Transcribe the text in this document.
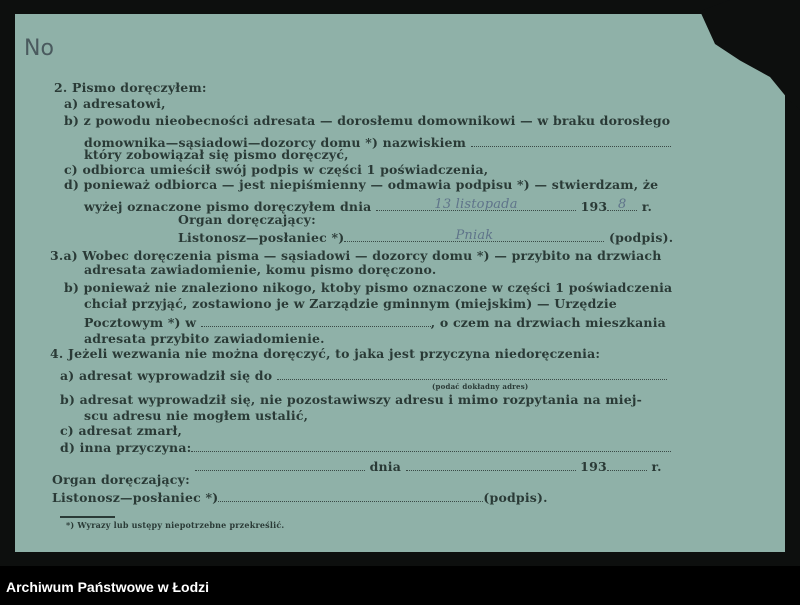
No
2. Pismo doręczyłem:
a) adresatowi,
b) z powodu nieobecności adresata — dorosłemu domownikowi — w braku dorosłego
domownika—sąsiadowi—dozorcy domu *) nazwiskiem
który zobowiązał się pismo doręczyć,
c) odbiorca umieścił swój podpis w części 1 poświadczenia,
d) ponieważ odbiorca — jest niepiśmienny — odmawia podpisu *) — stwierdzam, że
wyżej oznaczone pismo doręczyłem dnia	13 listopada	193 8 r.
Organ doręczający:
Listonosz—posłaniec *)	Pniak	(podpis).
3.a) Wobec doręczenia pisma — sąsiadowi — dozorcy domu *) — przybito na drzwiach
adresata zawiadomienie, komu pismo doręczono.
b) ponieważ nie znaleziono nikogo, ktoby pismo oznaczone w części 1 poświadczenia
chciał przyjąć, zostawiono je w Zarządzie gminnym (miejskim) — Urzędzie
Pocztowym *) w	, o czem na drzwiach mieszkania
adresata przybito zawiadomienie.
4. Jeżeli wezwania nie można doręczyć, to jaka jest przyczyna niedoręczenia:
a) adresat wyprowadził się do
(podać dokładny adres)
b) adresat wyprowadził się, nie pozostawiwszy adresu i mimo rozpytania na miej-
scu adresu nie mogłem ustalić,
c) adresat zmarł,
d) inna przyczyna:
dnia	193	r.
Organ doręczający:
Listonosz—posłaniec *)	(podpis).
*) Wyrazy lub ustępy niepotrzebne przekreślić.
Archiwum Państwowe w Łodzi
